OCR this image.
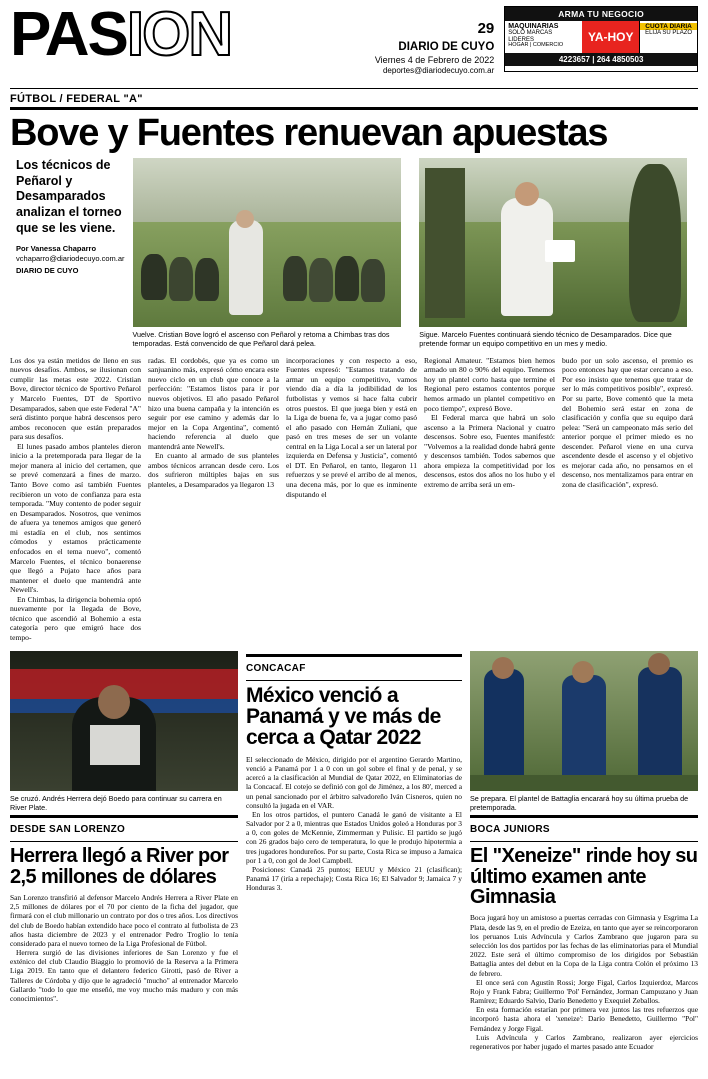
PASION	29
DIARIO DE CUYO
Viernes 4 de Febrero de 2022
deportes@diariodecuyo.com.ar
ARMA TU NEGOCIO
MAQUINARIAS
SOLO MARCAS LIDERES
HOGAR | COMERCIO
YA-HOY
CUOTA DIARIA
ELIJA SU PLAZO
4223657 | 264 4850503
FÚTBOL / FEDERAL "A"
Bove y Fuentes renuevan apuestas
Los técnicos de Peñarol y Desamparados analizan el torneo que se les viene.
Por Vanessa Chaparro
vchaparro@diariodecuyo.com.ar
DIARIO DE CUYO
Vuelve. Cristian Bove logró el ascenso con Peñarol y retoma a Chimbas tras dos temporadas. Está convencido de que Peñarol dará pelea.
Sigue. Marcelo Fuentes continuará siendo técnico de Desamparados. Dice que pretende formar un equipo competitivo en un mes y medio.

Los dos ya están metidos de lleno en sus nuevos desafíos. Ambos, se ilusionan con cumplir las metas este 2022. Cristian Bove, director técnico de Sportivo Peñarol y Marcelo Fuentes, DT de Sportivo Desamparados, saben que este Federal "A" será distinto porque habrá descensos pero ambos reconocen que están preparados para sus desafíos.

El lunes pasado ambos planteles dieron inicio a la pretemporada para llegar de la mejor manera al inicio del certamen, que se prevé comenzará a fines de marzo. Tanto Bove como así también Fuentes recibieron un voto de confianza para esta temporada. "Muy contento de poder seguir en Desamparados. Nosotros, que venimos de afuera ya tenemos amigos que generó mi estadía en el club, nos sentimos cómodos y estamos prácticamente enfocados en el tema nuevo", comentó Marcelo Fuentes, el técnico bonaerense que llegó a Pujato hace años para mantener el duelo que mantendrá ante Newell's.

En Chimbas, la dirigencia bohemia optó nuevamente por la llegada de Bove, técnico que ascendió al Bohemio a esta categoría pero que emigró hace dos tempo-

radas. El cordobés, que ya es como un sanjuanino más, expresó cómo encara este nuevo ciclo en un club que conoce a la perfección: "Estamos listos para ir por nuevos objetivos. El año pasado Peñarol hizo una buena campaña y la intención es seguir por ese camino y además dar lo mejor en la Copa Argentina", comentó haciendo referencia al duelo que mantendrá ante Newell's.

En cuanto al armado de sus planteles ambos técnicos arrancan desde cero. Los dos sufrieron múltiples bajas en sus planteles, a Desamparados ya llegaron 13

incorporaciones y con respecto a eso, Fuentes expresó: "Estamos tratando de armar un equipo competitivo, vamos viendo día a día la jodibilidad de los futbolistas y vemos si hace falta cubrir otros puestos. El que juega bien y está en la Liga de buena fe, va a jugar como pasó el año pasado con Hernán Zuliani, que pasó en tres meses de ser un volante central en la Liga Local a ser un lateral por izquierda en Defensa y Justicia", comentó el DT. En Peñarol, en tanto, llegaron 11 refuerzos y se prevé el arribo de al menos, una decena más, por lo que es inminente disputando el

Regional Amateur. "Estamos bien hemos armado un 80 o 90% del equipo. Tenemos hoy un plantel corto hasta que termine el Regional pero estamos contentos porque hemos armado un plantel competitivo en poco tiempo", expresó Bove.

El Federal marca que habrá un solo ascenso a la Primera Nacional y cuatro descensos. Sobre eso, Fuentes manifestó: "Volvemos a la realidad donde habrá gente y descensos también. Todos sabemos que ahora empieza la competitividad por los descensos, estos dos años no los hubo y el extremo de arriba será un em-

budo por un solo ascenso, el premio es poco entonces hay que estar cercano a eso. Por eso insisto que tenemos que tratar de ser lo más competitivos posible", expresó. Por su parte, Bove comentó que la meta del Bohemio será estar en zona de clasificación y confía que su equipo dará pelea: "Será un campeonato más serio del anterior porque el primer miedo es no descender. Peñarol viene en una curva ascendente desde el ascenso y el objetivo es mejorar cada año, no pensamos en el descenso, nos mentalizamos para entrar en zona de clasificación", expresó.

Se cruzó. Andrés Herrera dejó Boedo para continuar su carrera en River Plate.
DESDE SAN LORENZO
Herrera llegó a River por 2,5 millones de dólares

San Lorenzo transfirió al defensor Marcelo Andrés Herrera a River Plate en 2,5 millones de dólares por el 70 por ciento de la ficha del jugador, que firmará con el club millonario un contrato por dos o tres años. Los directivos del club de Boedo habían extendido hace poco el contrato al futbolista de 23 años hasta diciembre de 2023 y el entrenador Pedro Troglio lo tenía considerado para el nuevo torneo de la Liga Profesional de Fútbol.

Herrera surgió de las divisiones inferiores de San Lorenzo y fue el exténico del club Claudio Biaggio lo promovió de la Reserva a la Primera Liga 2019. En tanto que el delantero federico Girotti, pasó de River a Talleres de Córdoba y dijo que le agradeció "mucho" al entrenador Marcelo Gallardo "todo lo que me enseñó, me voy mucho más maduro y con más conocimientos".

CONCACAF
México venció a Panamá y ve más de cerca a Qatar 2022

El seleccionado de México, dirigido por el argentino Gerardo Martino, venció a Panamá por 1 a 0 con un gol sobre el final y de penal, y se acercó a la clasificación al Mundial de Qatar 2022, en Eliminatorias de la Concacaf. El cotejo se definió con gol de Jiménez, a los 80', merced a un penal sancionado por el árbitro salvadoreño Iván Cisneros, quien no consultó la jugada en el VAR.

En los otros partidos, el puntero Canadá le ganó de visitante a El Salvador por 2 a 0, mientras que Estados Unidos goleó a Honduras por 3 a 0, con goles de McKennie, Zimmerman y Pulisic. El partido se jugó con 26 grados bajo cero de temperatura, lo que le produjo hipotermia a tres jugadores hondureños. Por su parte, Costa Rica se impuso a Jamaica por 1 a 0, con gol de Joel Campbell.

Posiciones: Canadá 25 puntos; EEUU y México 21 (clasifican); Panamá 17 (iría a repechaje); Costa Rica 16; El Salvador 9; Jamaica 7 y Honduras 3.

Se prepara. El plantel de Battaglia encarará hoy su última prueba de pretemporada.
BOCA JUNIORS
El "Xeneize" rinde hoy su último examen ante Gimnasia

Boca jugará hoy un amistoso a puertas cerradas con Gimnasia y Esgrima La Plata, desde las 9, en el predio de Ezeiza, en tanto que ayer se reincorporaron los peruanos Luis Advíncula y Carlos Zambrano que jugaron para su selección los dos partidos por las fechas de las eliminatorias para el Mundial 2022. Este será el último compromiso de los dirigidos por Sebastián Battaglia antes del debut en la Copa de la Liga contra Colón el próximo 13 de febrero.

El once será con Agustín Rossi; Jorge Figal, Carlos Izquierdoz, Marcos Rojo y Frank Fabra; Guillermo 'Pol' Fernández, Jorman Campuzano y Juan Ramírez; Eduardo Salvio, Darío Benedetto y Exequiel Zeballos.

En esta formación estarían por primera vez juntos las tres refuerzos que incorporó hasta ahora el 'xeneize': Darío Benedetto, Guillermo "Pol" Fernández y Jorge Figal.

Luis Advíncula y Carlos Zambrano, realizaron ayer ejercicios regenerativos por haber jugado el martes pasado ante Ecuador
